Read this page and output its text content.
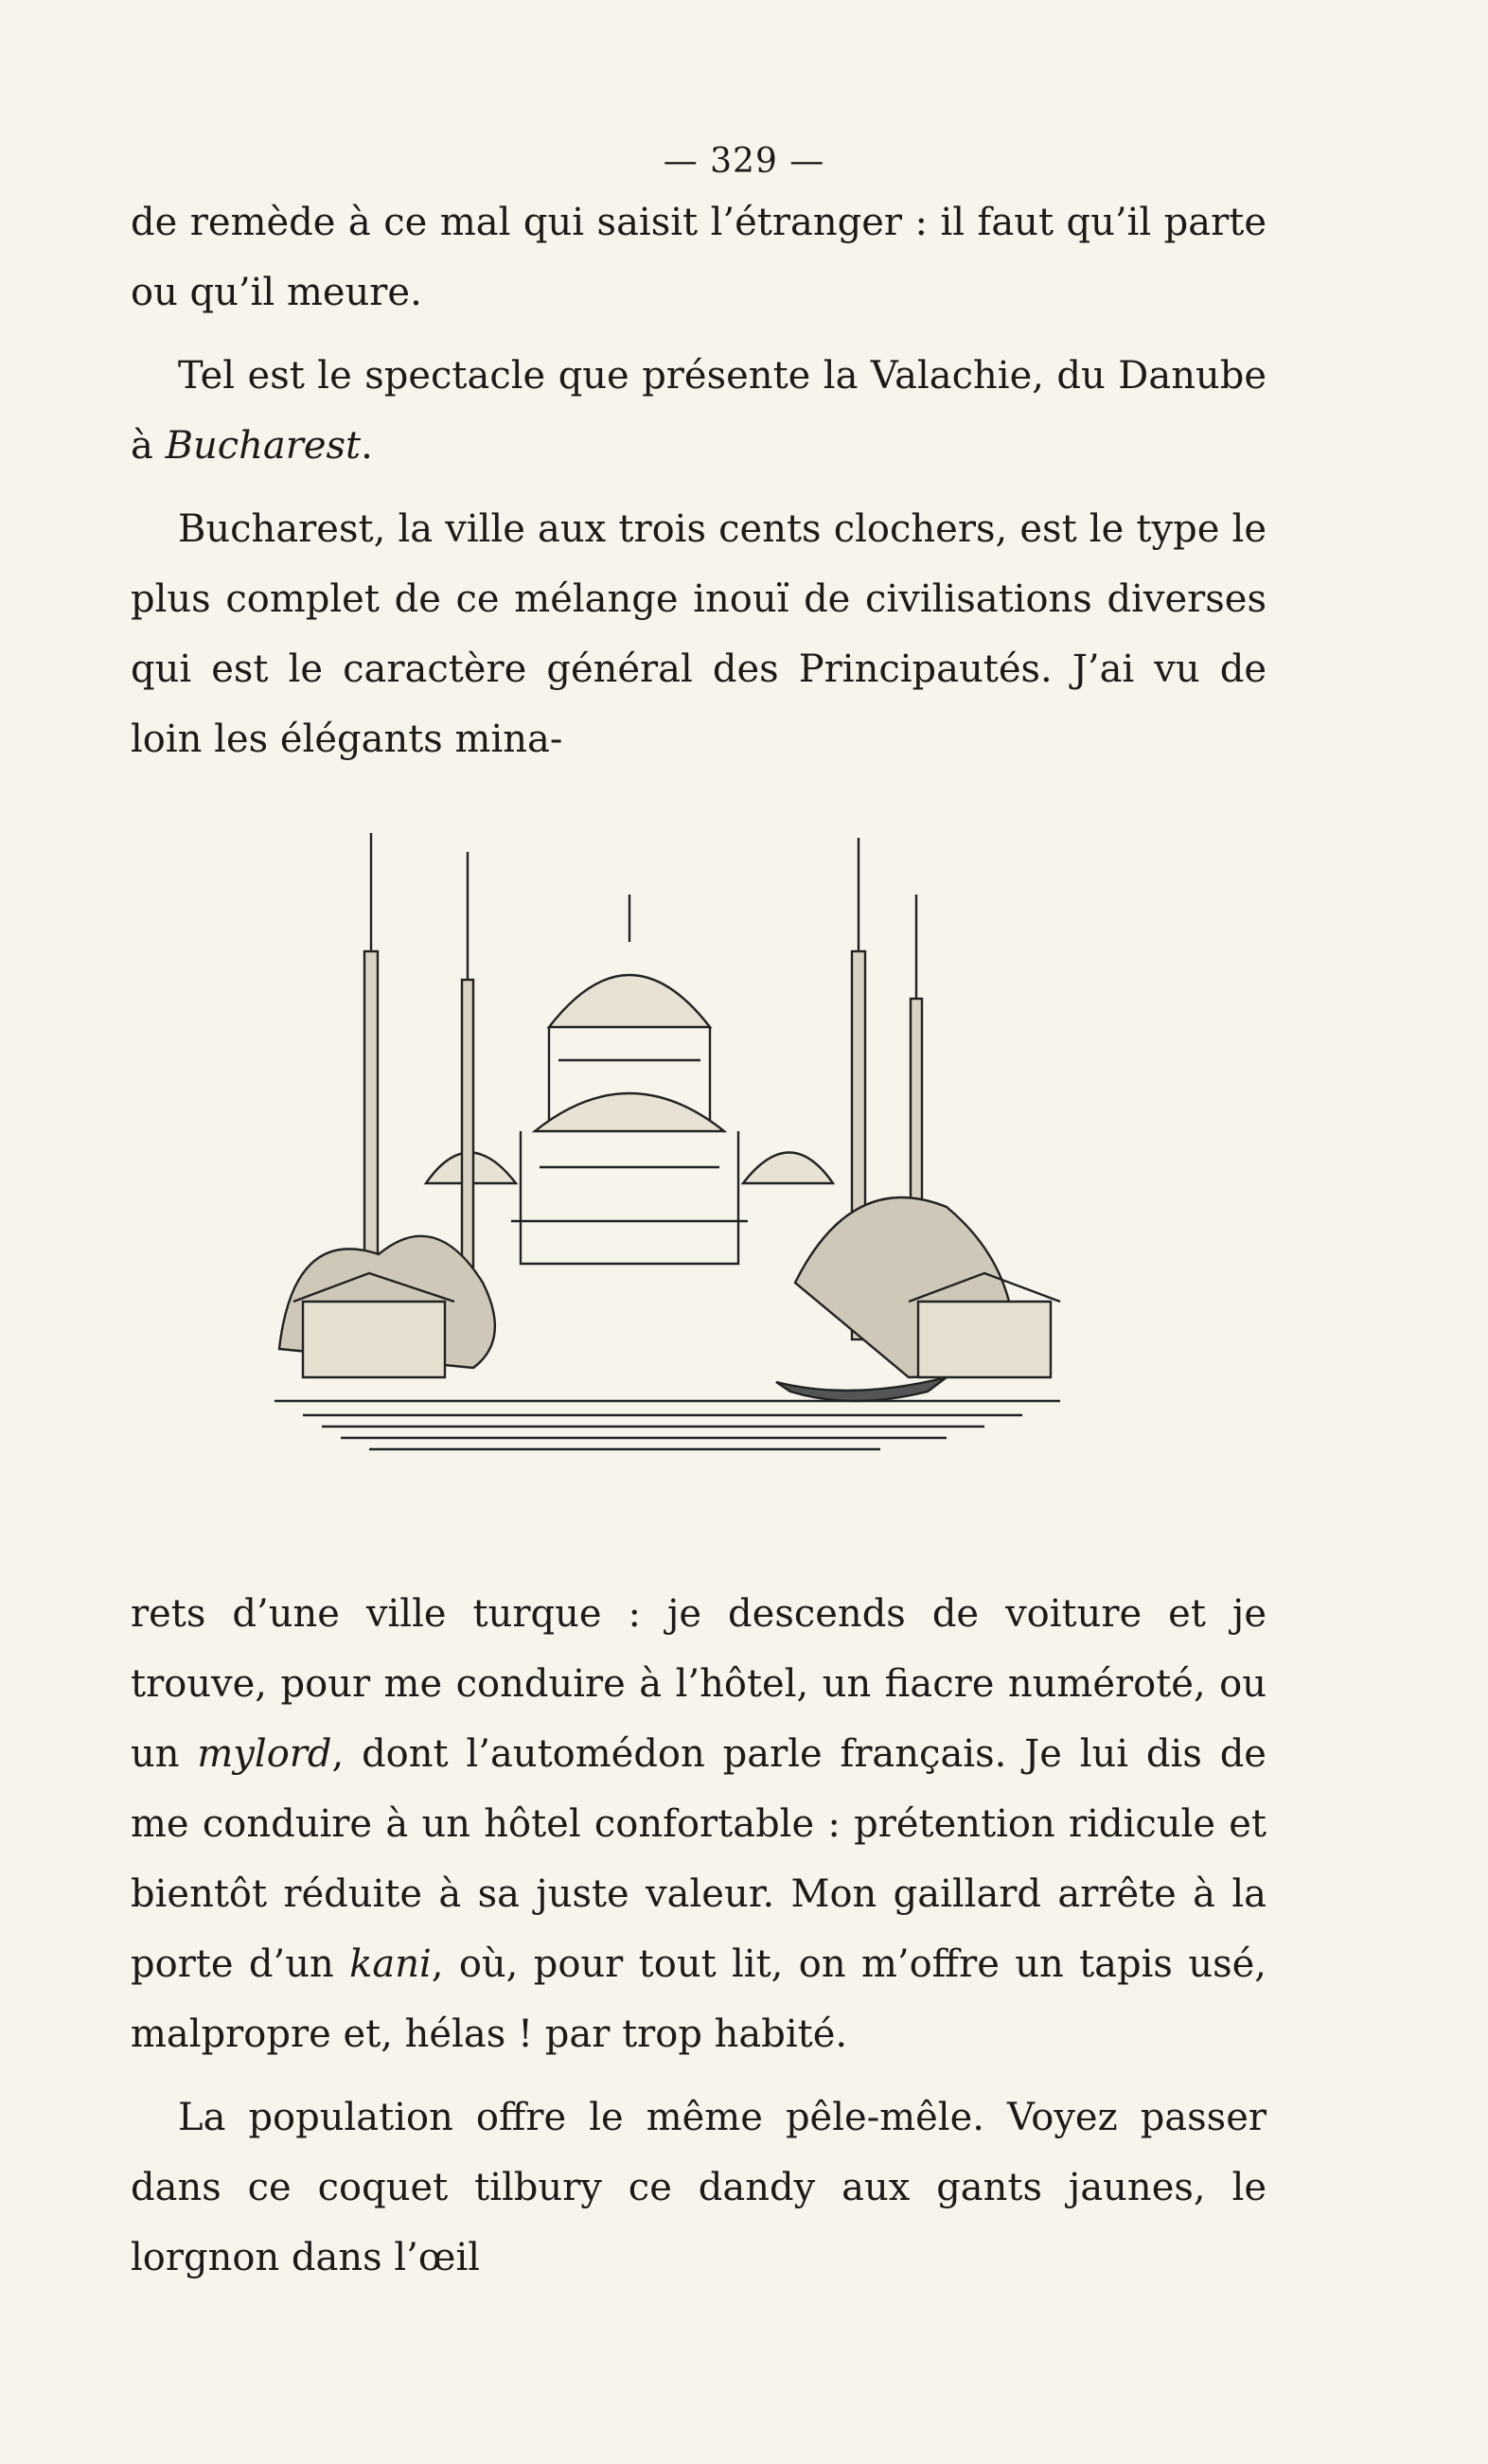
— 329 —

de remède à ce mal qui saisit l’étranger : il faut qu’il parte ou qu’il meure.

Tel est le spectacle que présente la Valachie, du Danube à Bucharest.

Bucharest, la ville aux trois cents clochers, est le type le plus complet de ce mélange inouï de civilisations diverses qui est le caractère général des Principautés. J’ai vu de loin les élégants mina-

rets d’une ville turque : je descends de voiture et je trouve, pour me conduire à l’hôtel, un fiacre numéroté, ou un mylord, dont l’automédon parle français. Je lui dis de me conduire à un hôtel confortable : prétention ridicule et bientôt réduite à sa juste valeur. Mon gaillard arrête à la porte d’un kani, où, pour tout lit, on m’offre un tapis usé, malpropre et, hélas ! par trop habité.

La population offre le même pêle-mêle. Voyez passer dans ce coquet tilbury ce dandy aux gants jaunes, le lorgnon dans l’œil
